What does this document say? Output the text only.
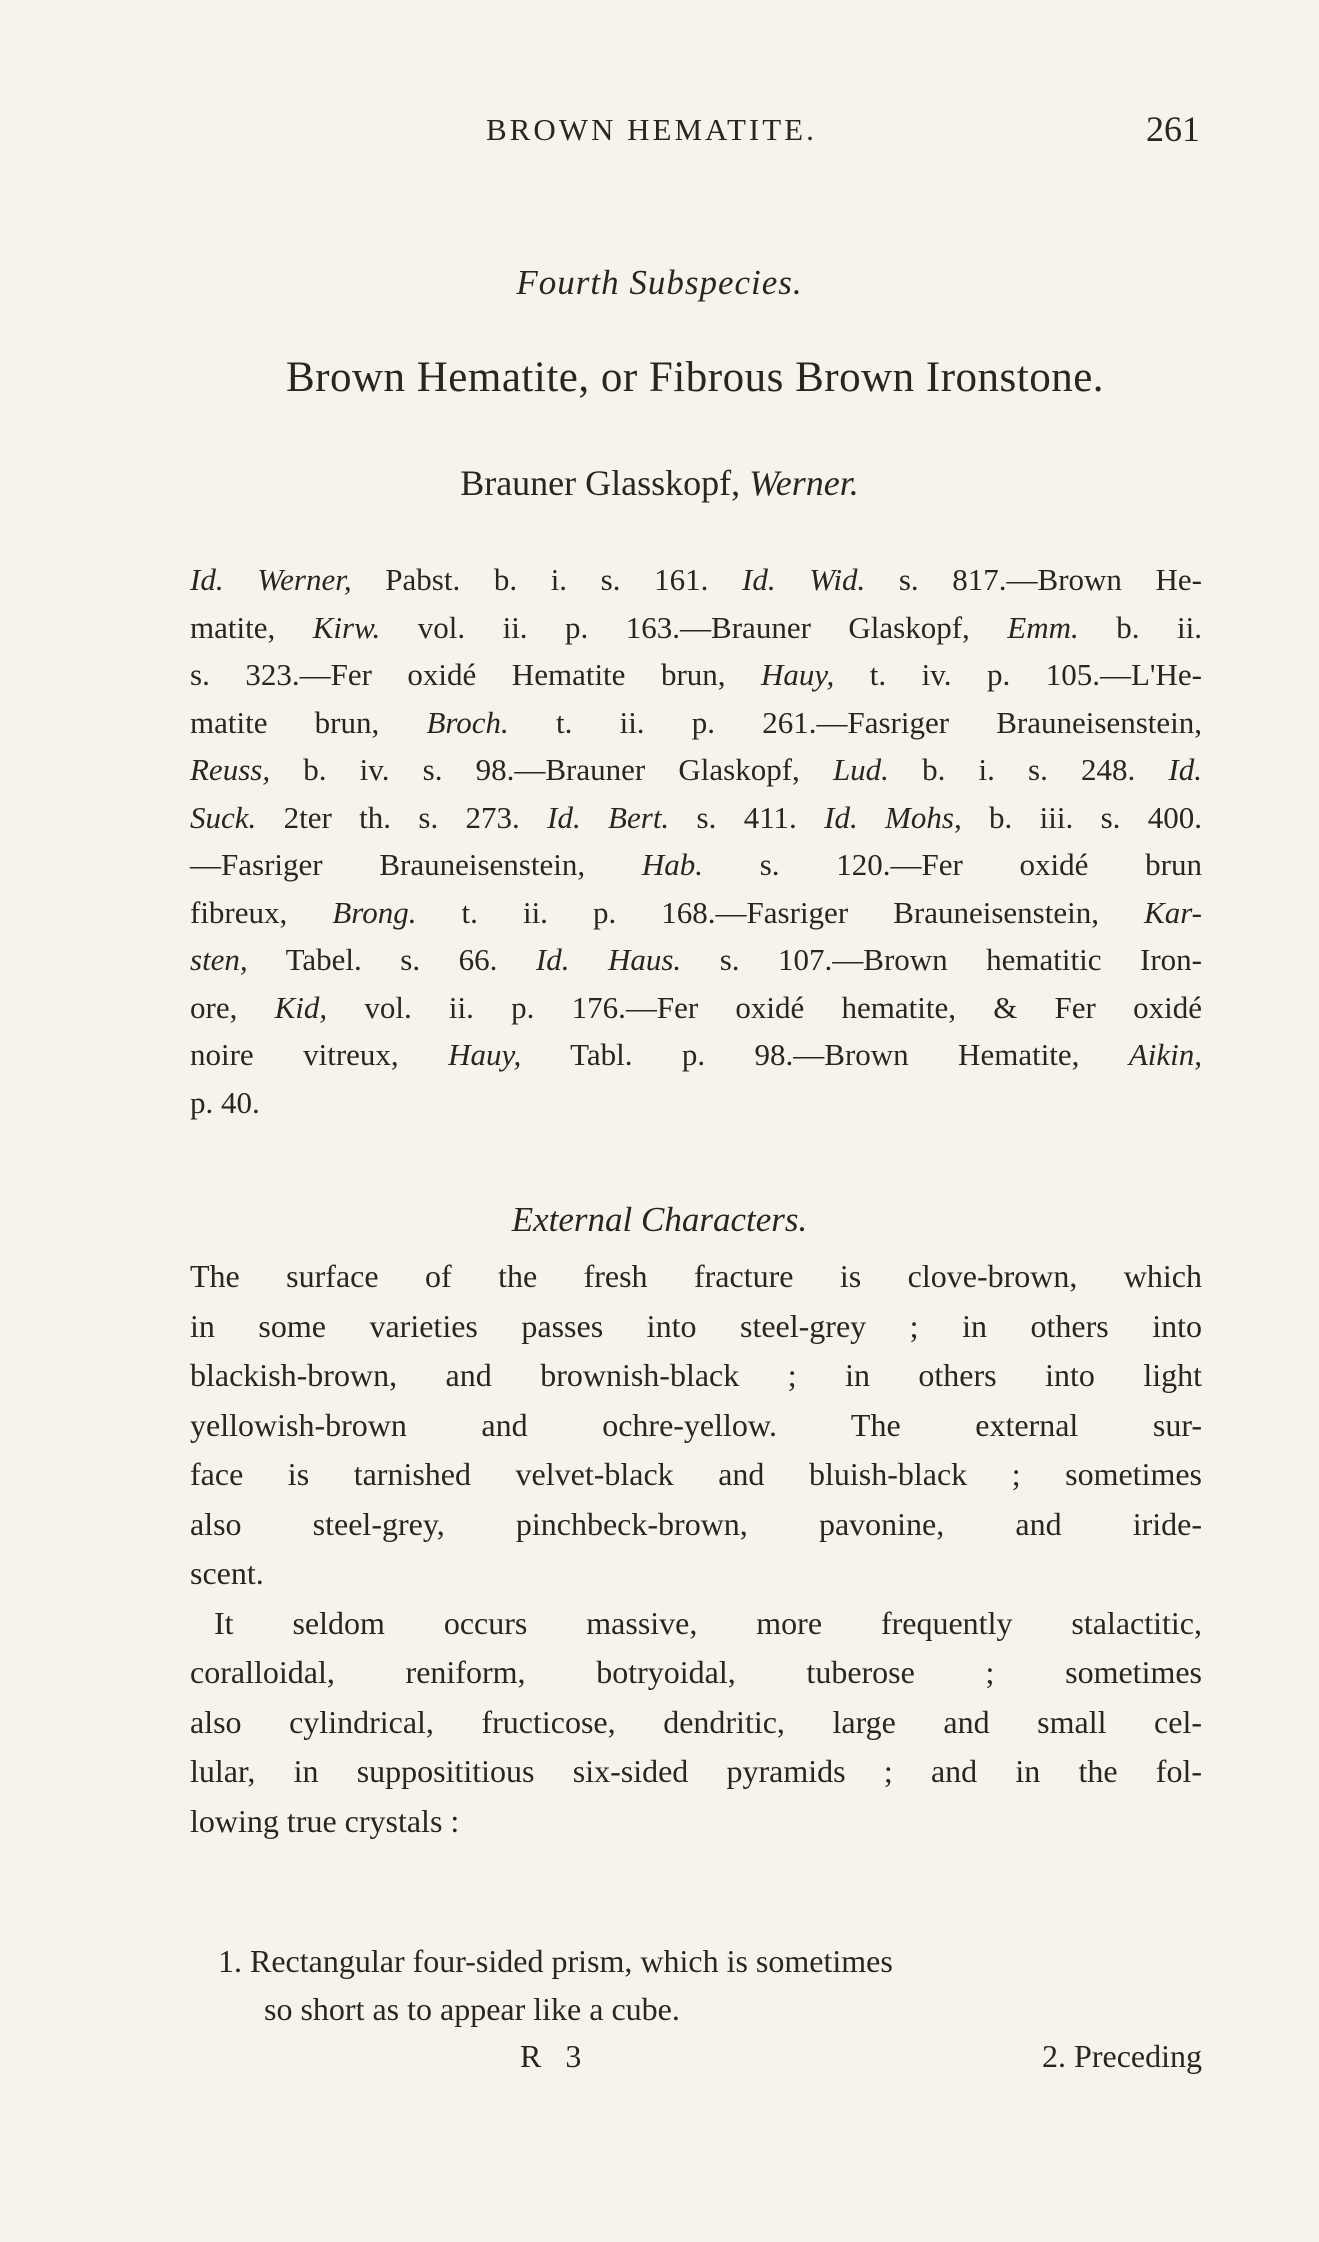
BROWN HEMATITE.	261
Fourth Subspecies.
Brown Hematite, or Fibrous Brown Ironstone.
Brauner Glasskopf, Werner.
Id. Werner, Pabst. b. i. s. 161. Id. Wid. s. 817.—Brown He-
matite, Kirw. vol. ii. p. 163.—Brauner Glaskopf, Emm. b. ii.
s. 323.—Fer oxidé Hematite brun, Hauy, t. iv. p. 105.—L'He-
matite brun, Broch. t. ii. p. 261.—Fasriger Brauneisenstein,
Reuss, b. iv. s. 98.—Brauner Glaskopf, Lud. b. i. s. 248. Id.
Suck. 2ter th. s. 273. Id. Bert. s. 411. Id. Mohs, b. iii. s. 400.
—Fasriger Brauneisenstein, Hab. s. 120.—Fer oxidé brun
fibreux, Brong. t. ii. p. 168.—Fasriger Brauneisenstein, Kar-
sten, Tabel. s. 66. Id. Haus. s. 107.—Brown hematitic Iron-
ore, Kid, vol. ii. p. 176.—Fer oxidé hematite, & Fer oxidé
noire vitreux, Hauy, Tabl. p. 98.—Brown Hematite, Aikin,
p. 40.
External Characters.
The surface of the fresh fracture is clove-brown, which
in some varieties passes into steel-grey ; in others into
blackish-brown, and brownish-black ; in others into light
yellowish-brown and ochre-yellow. The external sur-
face is tarnished velvet-black and bluish-black ; sometimes
also steel-grey, pinchbeck-brown, pavonine, and iride-
scent.
It seldom occurs massive, more frequently stalactitic,
coralloidal, reniform, botryoidal, tuberose ; sometimes
also cylindrical, fructicose, dendritic, large and small cel-
lular, in supposititious six-sided pyramids ; and in the fol-
lowing true crystals :
1. Rectangular four-sided prism, which is sometimes
so short as to appear like a cube.
R 3	2. Preceding
